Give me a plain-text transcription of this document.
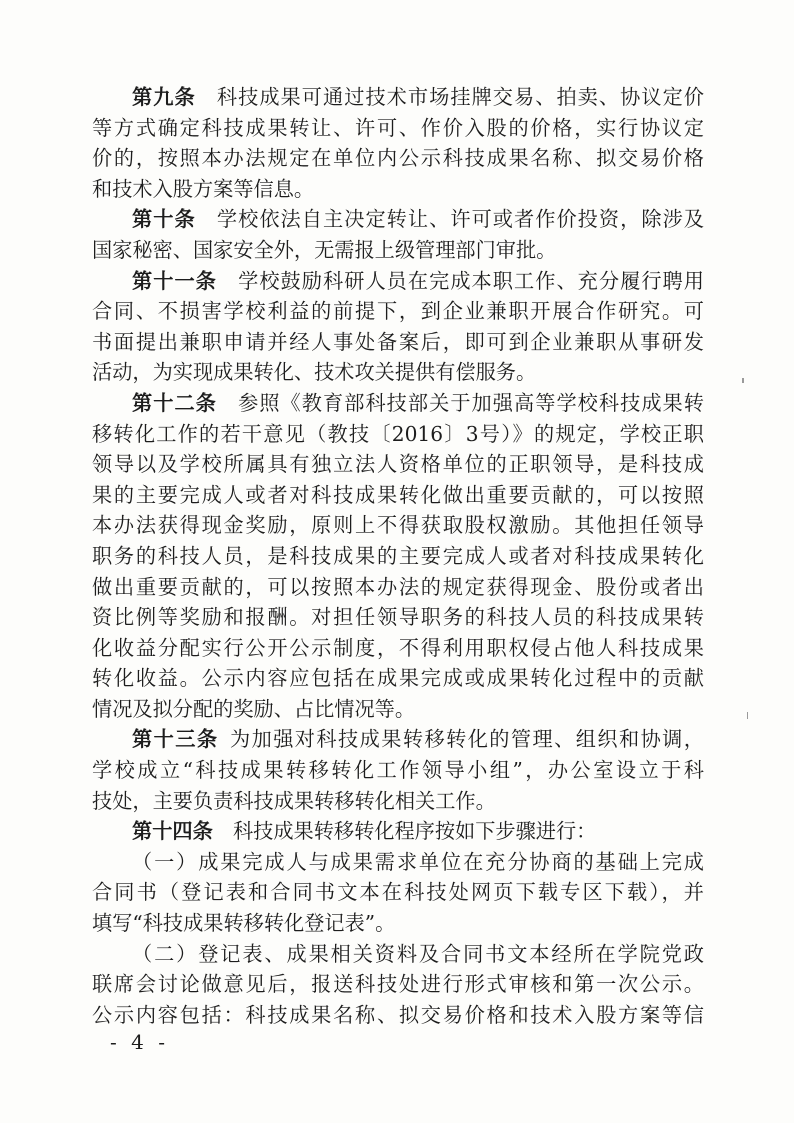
第九条  科技成果可通过技术市场挂牌交易、拍卖、协议定价
等方式确定科技成果转让、许可、作价入股的价格，实行协议定
价的，按照本办法规定在单位内公示科技成果名称、拟交易价格
和技术入股方案等信息。
第十条  学校依法自主决定转让、许可或者作价投资，除涉及
国家秘密、国家安全外，无需报上级管理部门审批。
第十一条  学校鼓励科研人员在完成本职工作、充分履行聘用
合同、不损害学校利益的前提下，到企业兼职开展合作研究。可
书面提出兼职申请并经人事处备案后，即可到企业兼职从事研发
活动，为实现成果转化、技术攻关提供有偿服务。
第十二条  参照《教育部科技部关于加强高等学校科技成果转
移转化工作的若干意见（教技〔2016〕3号）》的规定，学校正职
领导以及学校所属具有独立法人资格单位的正职领导，是科技成
果的主要完成人或者对科技成果转化做出重要贡献的，可以按照
本办法获得现金奖励，原则上不得获取股权激励。其他担任领导
职务的科技人员，是科技成果的主要完成人或者对科技成果转化
做出重要贡献的，可以按照本办法的规定获得现金、股份或者出
资比例等奖励和报酬。对担任领导职务的科技人员的科技成果转
化收益分配实行公开公示制度，不得利用职权侵占他人科技成果
转化收益。公示内容应包括在成果完成或成果转化过程中的贡献
情况及拟分配的奖励、占比情况等。
第十三条  为加强对科技成果转移转化的管理、组织和协调，
学校成立“科技成果转移转化工作领导小组”，办公室设立于科
技处，主要负责科技成果转移转化相关工作。
第十四条  科技成果转移转化程序按如下步骤进行：
（一）成果完成人与成果需求单位在充分协商的基础上完成
合同书（登记表和合同书文本在科技处网页下载专区下载），并
填写“科技成果转移转化登记表”。
（二）登记表、成果相关资料及合同书文本经所在学院党政
联席会讨论做意见后，报送科技处进行形式审核和第一次公示。
公示内容包括：科技成果名称、拟交易价格和技术入股方案等信
- 4 -
